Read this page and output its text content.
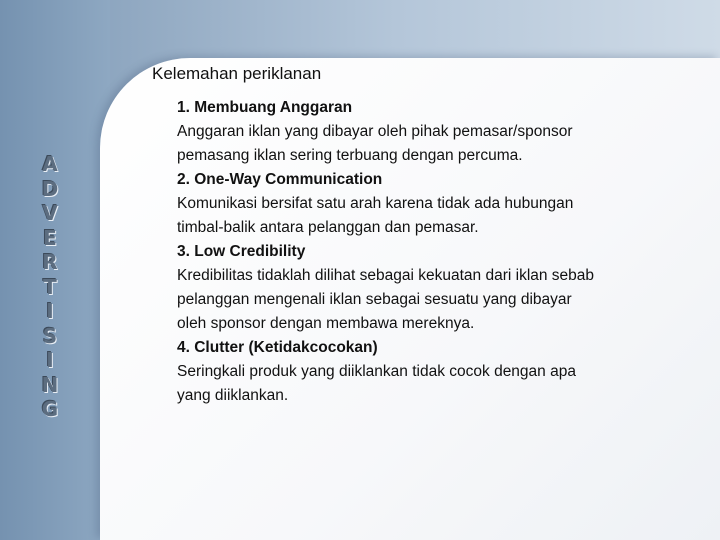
A
D
V
E
R
T
I
S
I
N
G
Kelemahan periklanan

1. Membuang Anggaran

Anggaran iklan yang dibayar oleh pihak pemasar/sponsor

pemasang iklan sering terbuang dengan percuma.

2. One-Way Communication

Komunikasi bersifat satu arah karena tidak ada hubungan

timbal-balik antara pelanggan dan pemasar.

3. Low Credibility

Kredibilitas tidaklah dilihat sebagai kekuatan dari iklan sebab

pelanggan mengenali iklan sebagai sesuatu yang dibayar

oleh sponsor dengan membawa mereknya.

4. Clutter (Ketidakcocokan)

Seringkali produk yang diiklankan tidak cocok dengan apa

yang diiklankan.
